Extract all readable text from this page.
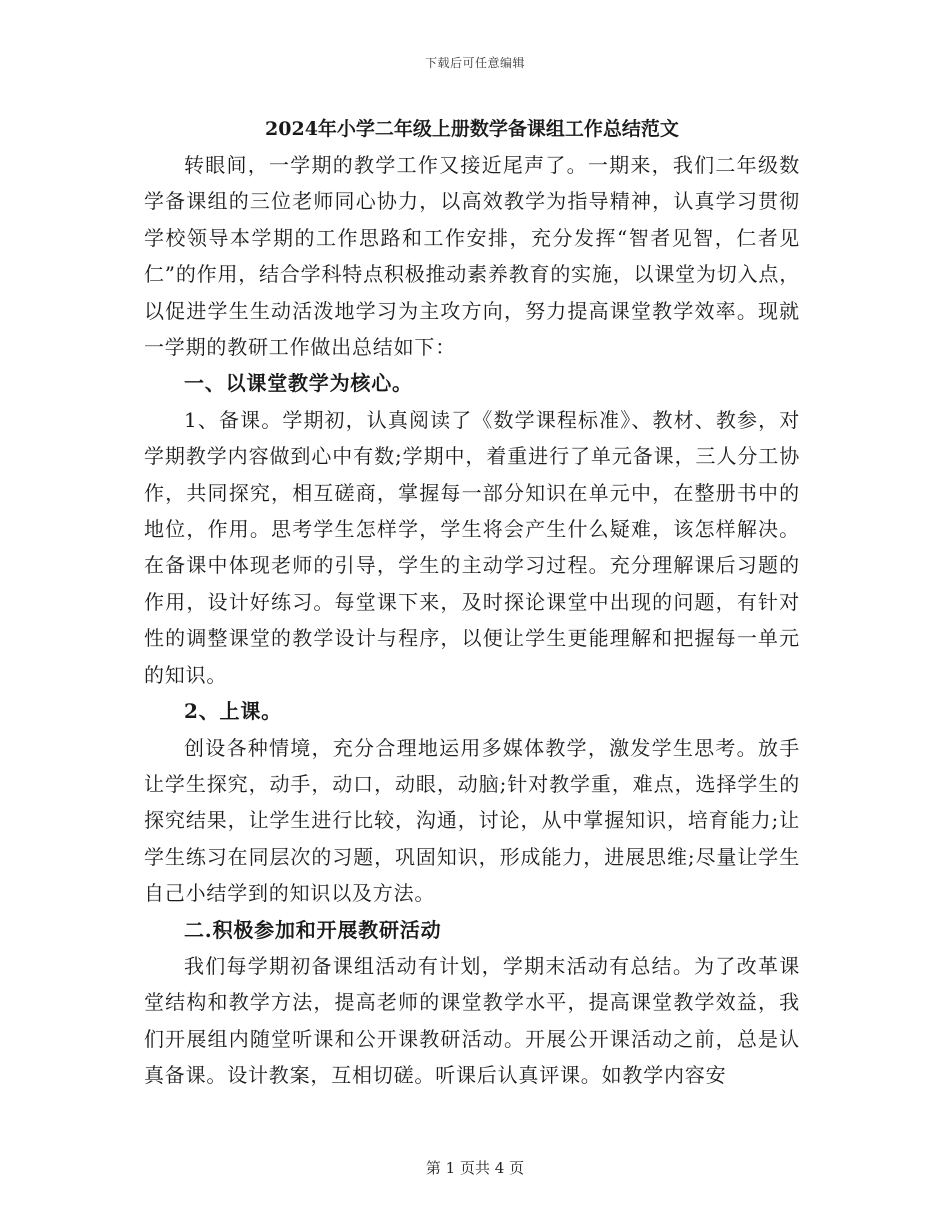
下载后可任意编辑
2024年小学二年级上册数学备课组工作总结范文

转眼间，一学期的教学工作又接近尾声了。一期来，我们二年级数学备课组的三位老师同心协力，以高效教学为指导精神，认真学习贯彻学校领导本学期的工作思路和工作安排，充分发挥“智者见智，仁者见仁”的作用，结合学科特点积极推动素养教育的实施，以课堂为切入点，以促进学生生动活泼地学习为主攻方向，努力提高课堂教学效率。现就一学期的教研工作做出总结如下：

一、以课堂教学为核心。

1、备课。学期初，认真阅读了《数学课程标准》、教材、教参，对学期教学内容做到心中有数;学期中，着重进行了单元备课，三人分工协作，共同探究，相互磋商，掌握每一部分知识在单元中，在整册书中的地位，作用。思考学生怎样学，学生将会产生什么疑难，该怎样解决。在备课中体现老师的引导，学生的主动学习过程。充分理解课后习题的作用，设计好练习。每堂课下来，及时探论课堂中出现的问题，有针对性的调整课堂的教学设计与程序，以便让学生更能理解和把握每一单元的知识。

2、上课。

创设各种情境，充分合理地运用多媒体教学，激发学生思考。放手让学生探究，动手，动口，动眼，动脑;针对教学重，难点，选择学生的探究结果，让学生进行比较，沟通，讨论，从中掌握知识，培育能力;让学生练习在同层次的习题，巩固知识，形成能力，进展思维;尽量让学生自己小结学到的知识以及方法。

二.积极参加和开展教研活动

我们每学期初备课组活动有计划，学期末活动有总结。为了改革课堂结构和教学方法，提高老师的课堂教学水平，提高课堂教学效益，我们开展组内随堂听课和公开课教研活动。开展公开课活动之前，总是认真备课。设计教案，互相切磋。听课后认真评课。如教学内容安

第 1 页共 4 页
